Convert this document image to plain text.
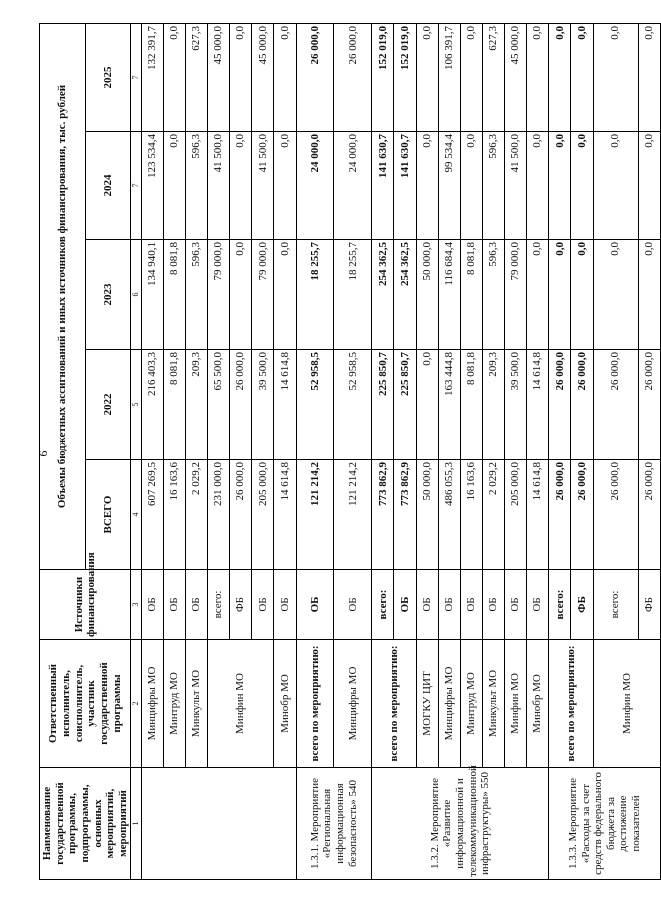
9
Наименование государственной программы, подпрограммы, основных мероприятий, мероприятий	Ответственный исполнитель, соисполнитель, участник государственной программы	Источники финансирования	Объемы бюджетных ассигнований и иных источников финансирования, тыс. рублей				
			ВСЕГО	2022	2023	2024	2025
1	2	3	4	5	6	7	7
	Минцифры МО	ОБ	607 269,5	216 403,3	134 940,1	123 534,4	132 391,7
	Минтруд МО	ОБ	16 163,6	8 081,8	8 081,8	0,0	0,0
	Минкульт МО	ОБ	2 029,2	209,3	596,3	596,3	627,3
	Минфин МО	всего:	231 000,0	65 500,0	79 000,0	41 500,0	45 000,0
		ФБ	26 000,0	26 000,0	0,0	0,0	0,0
		ОБ	205 000,0	39 500,0	79 000,0	41 500,0	45 000,0
	Минобр МО	ОБ	14 614,8	14 614,8	0,0	0,0	0,0
1.3.1. Мероприятие «Региональная информационная безопасность» 540	всего по мероприятию:	ОБ	121 214,2	52 958,5	18 255,7	24 000,0	26 000,0
	Минцифры МО	ОБ	121 214,2	52 958,5	18 255,7	24 000,0	26 000,0
1.3.2. Мероприятие «Развитие информационной и телекоммуникационной инфраструктуры» 550	всего по мероприятию:	всего:	773 862,9	225 850,7	254 362,5	141 630,7	152 019,0
		ОБ	773 862,9	225 850,7	254 362,5	141 630,7	152 019,0
	МОГКУ ЦИТ	ОБ	50 000,0	0,0	50 000,0	0,0	0,0
	Минцифры МО	ОБ	486 055,3	163 444,8	116 684,4	99 534,4	106 391,7
	Минтруд МО	ОБ	16 163,6	8 081,8	8 081,8	0,0	0,0
	Минкульт МО	ОБ	2 029,2	209,3	596,3	596,3	627,3
	Минфин МО	ОБ	205 000,0	39 500,0	79 000,0	41 500,0	45 000,0
	Минобр МО	ОБ	14 614,8	14 614,8	0,0	0,0	0,0
1.3.3. Мероприятие «Расходы за счет средств федерального бюджета за достижение показателей	всего по мероприятию:	всего:	26 000,0	26 000,0	0,0	0,0	0,0
		ФБ	26 000,0	26 000,0	0,0	0,0	0,0
	Минфин МО	всего:	26 000,0	26 000,0	0,0	0,0	0,0
		ФБ	26 000,0	26 000,0	0,0	0,0	0,0
